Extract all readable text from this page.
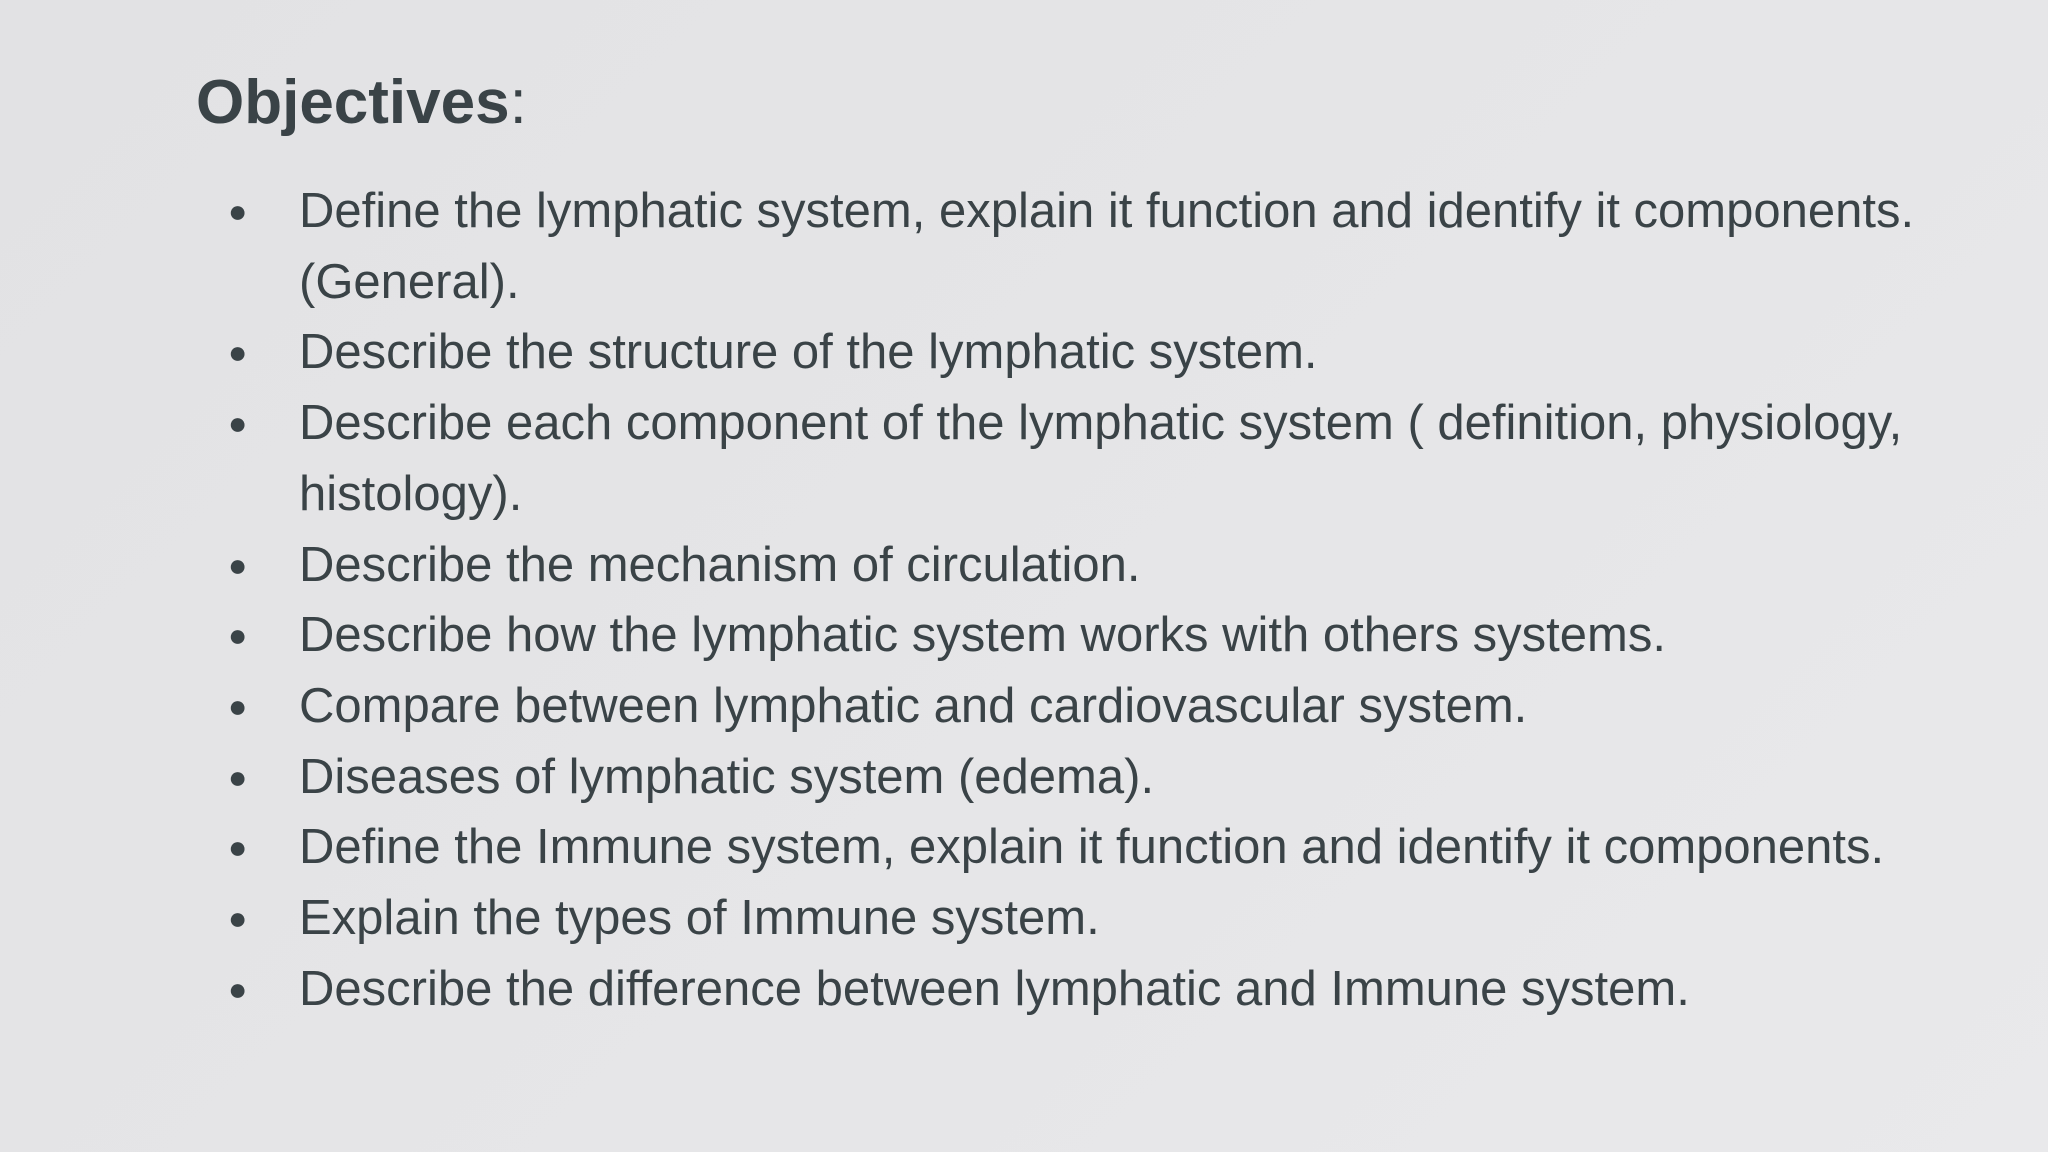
Objectives:
● Define the lymphatic system, explain it function and identify it components. (General).
● Describe the structure of the lymphatic system.
● Describe each component of the lymphatic system ( definition, physiology, histology).
● Describe the mechanism of circulation.
● Describe how the lymphatic system works with others systems.
● Compare between lymphatic and cardiovascular system.
● Diseases of lymphatic system (edema).
● Define the Immune system, explain it function and identify it components.
● Explain the types of Immune system.
● Describe the difference between lymphatic and Immune system.
